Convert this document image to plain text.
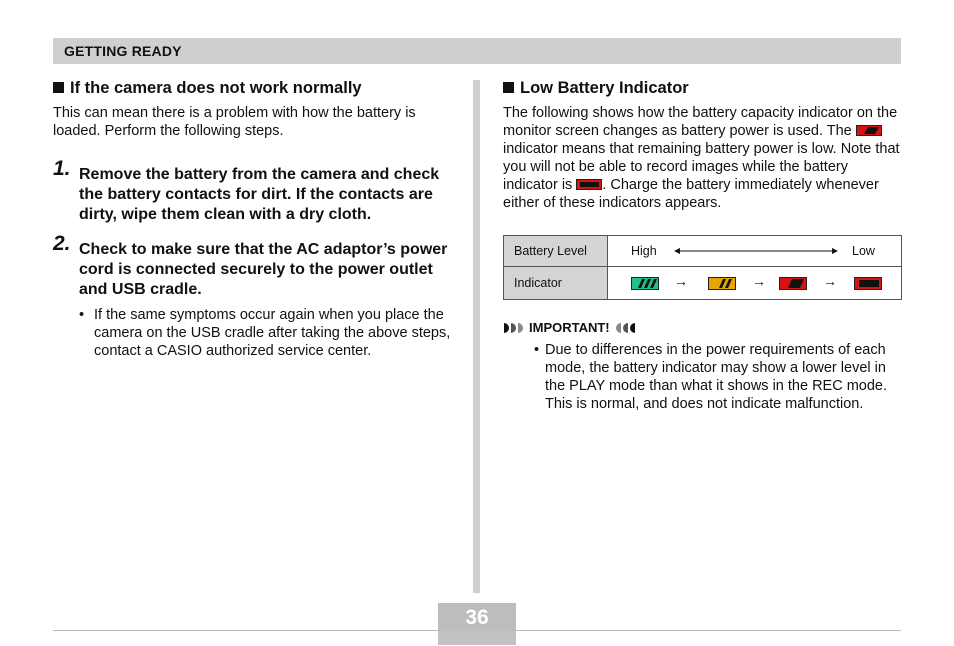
GETTING READY
If the camera does not work normally

This can mean there is a problem with how the battery is loaded. Perform the following steps.

1. Remove the battery from the camera and check the battery contacts for dirt. If the contacts are dirty, wipe them clean with a dry cloth.
2. Check to make sure that the AC adaptor’s power cord is connected securely to the power outlet and USB cradle.
• If the same symptoms occur again when you place the camera on the USB cradle after taking the above steps, contact a CASIO authorized service center.
Low Battery Indicator

The following shows how the battery capacity indicator on the monitor screen changes as battery power is used. The
indicator means that remaining battery power is low. Note that you will not be able to record images while the battery indicator is . Charge the battery immediately whenever either of these indicators appears.

Battery Level	High Low

Indicator	→ → →
IMPORTANT!
• Due to differences in the power requirements of each mode, the battery indicator may show a lower level in the PLAY mode than what it shows in the REC mode. This is normal, and does not indicate malfunction.
36
